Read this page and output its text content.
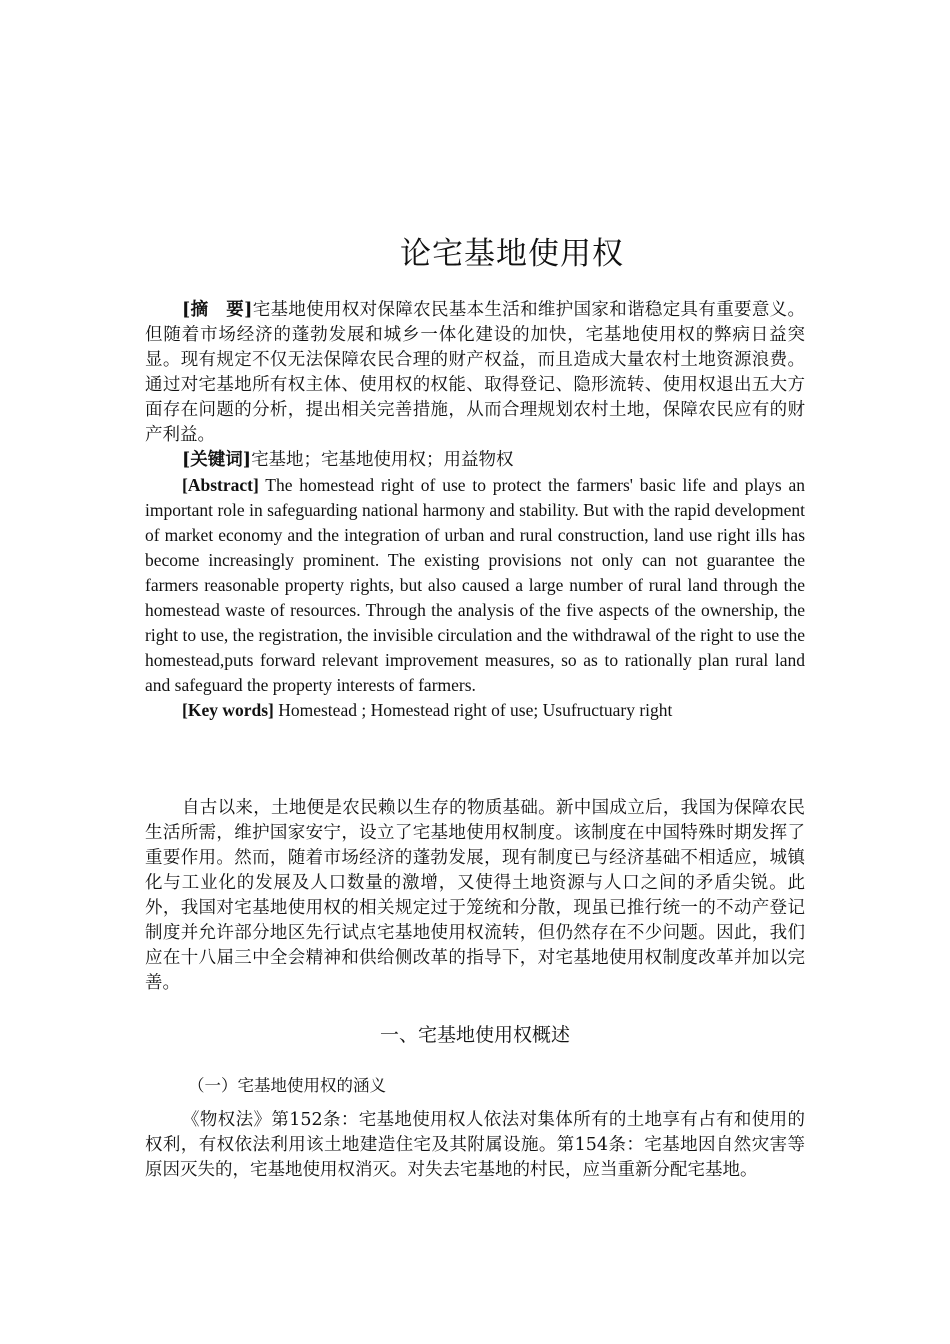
论宅基地使用权

[摘　要]宅基地使用权对保障农民基本生活和维护国家和谐稳定具有重要意义。但随着市场经济的蓬勃发展和城乡一体化建设的加快，宅基地使用权的弊病日益突显。现有规定不仅无法保障农民合理的财产权益，而且造成大量农村土地资源浪费。通过对宅基地所有权主体、使用权的权能、取得登记、隐形流转、使用权退出五大方面存在问题的分析，提出相关完善措施，从而合理规划农村土地，保障农民应有的财产利益。

[关键词]宅基地；宅基地使用权；用益物权

[Abstract] The homestead right of use to protect the farmers' basic life and plays an important role in safeguarding national harmony and stability. But with the rapid development of market economy and the integration of urban and rural construction, land use right ills has become increasingly prominent. The existing provisions not only can not guarantee the farmers reasonable property rights, but also caused a large number of rural land through the homestead waste of resources. Through the analysis of the five aspects of the ownership, the right to use, the registration, the invisible circulation and the withdrawal of the right to use the homestead,puts forward relevant improvement measures, so as to rationally plan rural land and safeguard the property interests of farmers.

[Key words] Homestead ; Homestead right of use; Usufructuary right

自古以来，土地便是农民赖以生存的物质基础。新中国成立后，我国为保障农民生活所需，维护国家安宁，设立了宅基地使用权制度。该制度在中国特殊时期发挥了重要作用。然而，随着市场经济的蓬勃发展，现有制度已与经济基础不相适应，城镇化与工业化的发展及人口数量的激增，又使得土地资源与人口之间的矛盾尖锐。此外，我国对宅基地使用权的相关规定过于笼统和分散，现虽已推行统一的不动产登记制度并允许部分地区先行试点宅基地使用权流转，但仍然存在不少问题。因此，我们应在十八届三中全会精神和供给侧改革的指导下，对宅基地使用权制度改革并加以完善。

一、宅基地使用权概述
（一）宅基地使用权的涵义

《物权法》第152条：宅基地使用权人依法对集体所有的土地享有占有和使用的权利，有权依法利用该土地建造住宅及其附属设施。第154条：宅基地因自然灾害等原因灭失的，宅基地使用权消灭。对失去宅基地的村民，应当重新分配宅基地。
